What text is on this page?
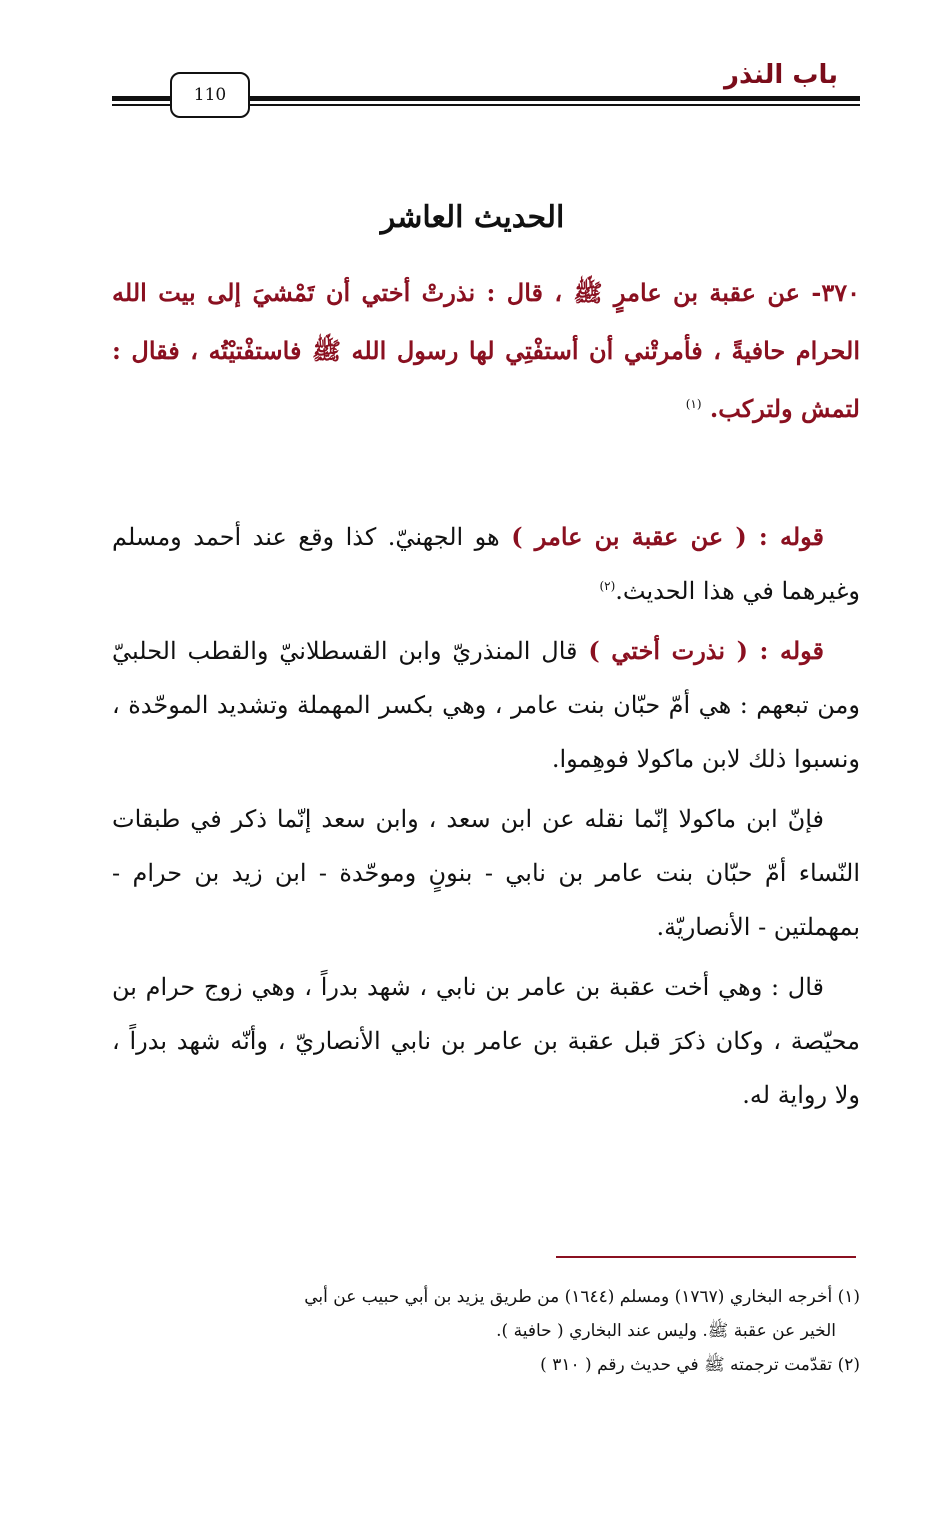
باب النذر
110
الحديث العاشر
٣٧٠- عن عقبة بن عامرٍ ﷺ ، قال : نذرتْ أختي أن تَمْشيَ إلى بيت الله الحرام حافيةً ، فأمرتْني أن أستفْتِي لها رسول الله ﷺ فاستفْتيْتُه ، فقال : لتمش ولتركب. $^{(١)}$

قوله : ( عن عقبة بن عامر ) هو الجهنيّ. كذا وقع عند أحمد ومسلم وغيرهما في هذا الحديث.$^{(٢)}$

قوله : ( نذرت أختي ) قال المنذريّ وابن القسطلانيّ والقطب الحلبيّ ومن تبعهم : هي أمّ حبّان بنت عامر ، وهي بكسر المهملة وتشديد الموحّدة ، ونسبوا ذلك لابن ماكولا فوهِموا.

فإنّ ابن ماكولا إنّما نقله عن ابن سعد ، وابن سعد إنّما ذكر في طبقات النّساء أمّ حبّان بنت عامر بن نابي - بنونٍ وموحّدة - ابن زيد بن حرام - بمهملتين - الأنصاريّة.

قال : وهي أخت عقبة بن عامر بن نابي ، شهد بدراً ، وهي زوج حرام بن محيّصة ، وكان ذكرَ قبل عقبة بن عامر بن نابي الأنصاريّ ، وأنّه شهد بدراً ، ولا رواية له.

(١) أخرجه البخاري (١٧٦٧) ومسلم (١٦٤٤) من طريق يزيد بن أبي حبيب عن أبي

الخير عن عقبة ﷺ. وليس عند البخاري ( حافية ).

(٢) تقدّمت ترجمته ﷺ في حديث رقم ( ٣١٠ )
